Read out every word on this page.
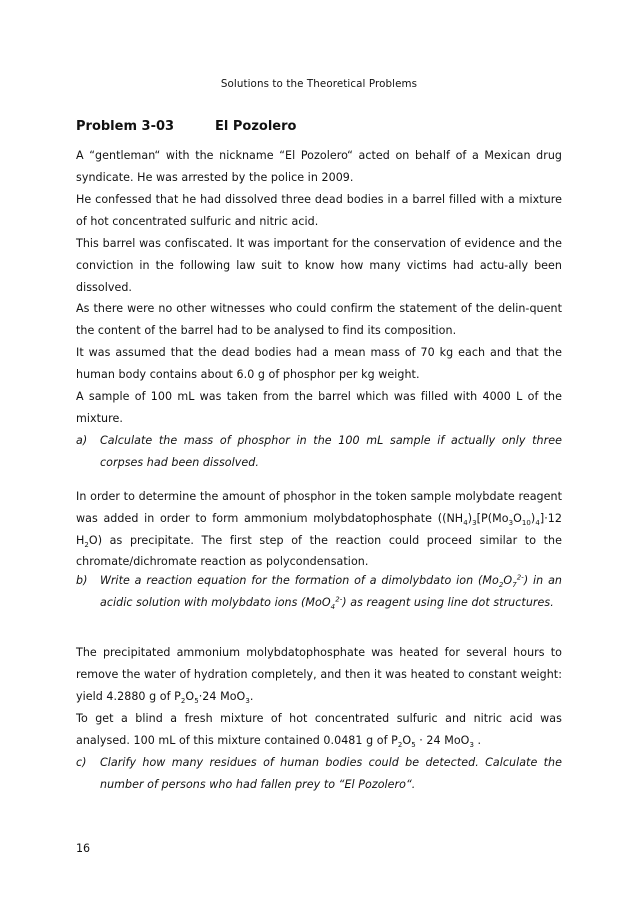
Solutions to the Theoretical Problems
Problem 3-03	El Pozolero
A “gentleman“ with the nickname “El Pozolero“ acted on behalf of a Mexican drug syndicate. He was arrested by the police in 2009.
He confessed that he had dissolved three dead bodies in a barrel filled with a mixture of hot concentrated sulfuric and nitric acid.
This barrel was confiscated. It was important for the conservation of evidence and the conviction in the following law suit to know how many victims had actu-ally been dissolved.
As there were no other witnesses who could confirm the statement of the delin-quent the content of the barrel had to be analysed to find its composition.
It was assumed that the dead bodies had a mean mass of 70 kg each and that the human body contains about 6.0 g of phosphor per kg weight.
A sample of 100 mL was taken from the barrel which was filled with 4000 L of the mixture.
a)	Calculate the mass of phosphor in the 100 mL sample if actually only three corpses had been dissolved.
In order to determine the amount of phosphor in the token sample molybdate reagent was added in order to form ammonium molybdatophosphate ($(NH_4)_3[P(Mo_3O_{10})_4]\cdot 12$ $H_2O$) as precipitate. The first step of the reaction could proceed similar to the chromate/dichromate reaction as polycondensation.
b)	Write a reaction equation for the formation of a dimolybdato ion $(Mo_2O_7^{2-})$ in an acidic solution with molybdato ions (MoO$_4^{2-}$) as reagent using line dot structures.
The precipitated ammonium molybdatophosphate was heated for several hours to remove the water of hydration completely, and then it was heated to constant weight: yield 4.2880 g of $P_2O_5\cdot 24$ MoO$_3$.
To get a blind a fresh mixture of hot concentrated sulfuric and nitric acid was analysed. 100 mL of this mixture contained 0.0481 g of $P_2O_5 \cdot 24$ MoO$_3$ .
c)	Clarify how many residues of human bodies could be detected. Calculate the number of persons who had fallen prey to “El Pozolero“.
16
